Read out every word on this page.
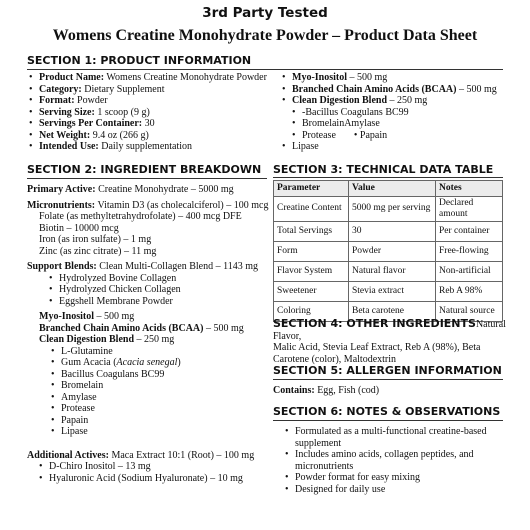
3rd Party Tested
Womens Creatine Monohydrate Powder – Product Data Sheet
SECTION 1: PRODUCT INFORMATION
• Product Name: Womens Creatine Monohydrate Powder
• Category: Dietary Supplement
• Format: Powder
• Serving Size: 1 scoop (9 g)
• Servings Per Container: 30
• Net Weight: 9.4 oz (266 g)
• Intended Use: Daily supplementation
• Myo-Inositol – 500 mg
• Branched Chain Amino Acids (BCAA) – 500 mg
• Clean Digestion Blend – 250 mg
• -Bacillus Coagulans BC99
• BromelainAmylase
• Protease • Papain
• Lipase
SECTION 2: INGREDIENT BREAKDOWN
Primary Active: Creatine Monohydrate – 5000 mg
Micronutrients: Vitamin D3 (as cholecalciferol) – 100 mcg
Folate (as methyltetrahydrofolate) – 400 mcg DFE
Biotin – 10000 mcg
Iron (as iron sulfate) – 1 mg
Zinc (as zinc citrate) – 11 mg
Support Blends: Clean Multi-Collagen Blend – 1143 mg
• Hydrolyzed Bovine Collagen
• Hydrolyzed Chicken Collagen
• Eggshell Membrane Powder
Myo-Inositol – 500 mg
Branched Chain Amino Acids (BCAA) – 500 mg
Clean Digestion Blend – 250 mg
• L-Glutamine
• Gum Acacia (Acacia senegal)
• Bacillus Coagulans BC99
• Bromelain
• Amylase
• Protease
• Papain
• Lipase
Additional Actives: Maca Extract 10:1 (Root) – 100 mg
• D-Chiro Inositol – 13 mg
• Hyaluronic Acid (Sodium Hyaluronate) – 10 mg
SECTION 3: TECHNICAL DATA TABLE
Parameter	Value	Notes
Creatine Content	5000 mg per serving	Declared amount
Total Servings	30	Per container
Form	Powder	Free-flowing
Flavor System	Natural flavor	Non-artificial
Sweetener	Stevia extract	Reb A 98%
Coloring	Beta carotene	Natural source
SECTION 4: OTHER INGREDIENTSNatural Flavor,
Malic Acid, Stevia Leaf Extract, Reb A (98%), Beta Carotene (color), Maltodextrin
SECTION 5: ALLERGEN INFORMATION
Contains: Egg, Fish (cod)
SECTION 6: NOTES & OBSERVATIONS
• Formulated as a multi-functional creatine-based supplement
• Includes amino acids, collagen peptides, and micronutrients
• Powder format for easy mixing
• Designed for daily use
